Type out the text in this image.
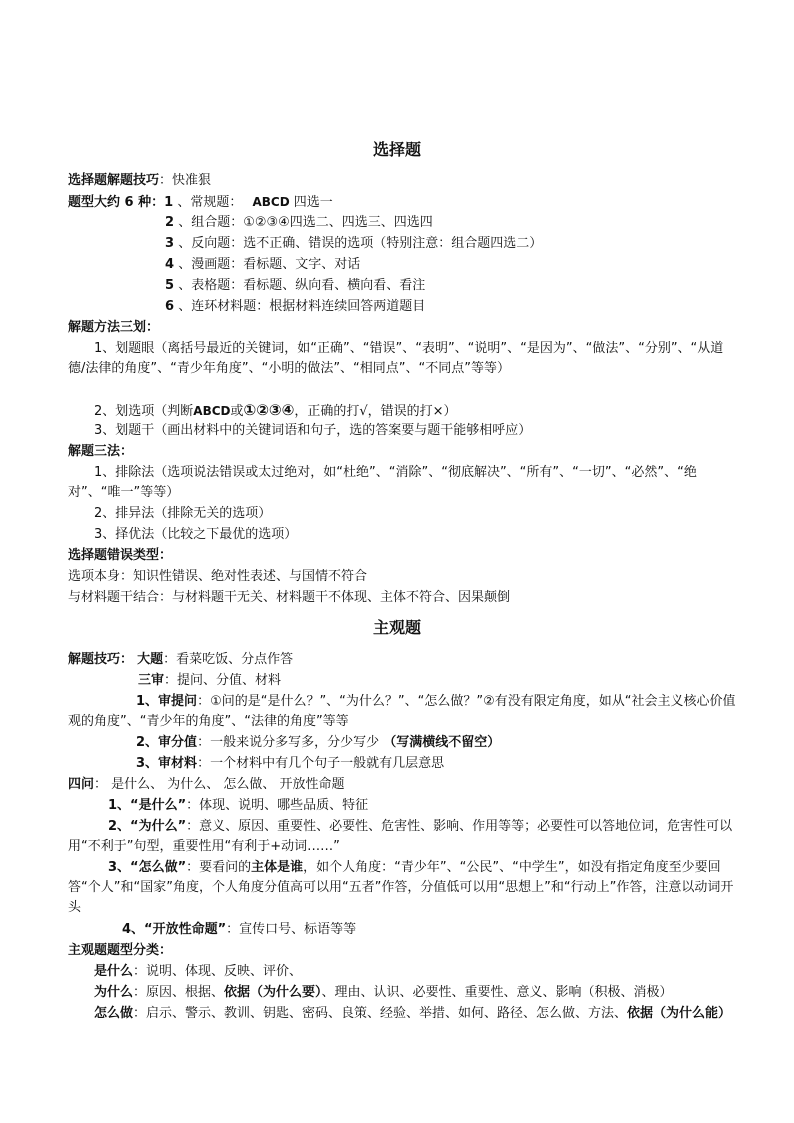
选择题
选择题解题技巧：快准狠
题型大约 6 种：1 、常规题： ABCD 四选一
2 、组合题：①②③④四选二、四选三、四选四
3 、反向题：选不正确、错误的选项（特别注意：组合题四选二）
4 、漫画题：看标题、文字、对话
5 、表格题：看标题、纵向看、横向看、看注
6 、连环材料题：根据材料连续回答两道题目
解题方法三划：
1、划题眼（离括号最近的关键词，如“正确”、“错误”、“表明”、“说明”、“是因为”、“做法”、“分别”、“从道德/法律的角度”、“青少年角度”、“小明的做法”、“相同点”、“不同点”等等）
2、划选项（判断ABCD或①②③④，正确的打√，错误的打×）
3、划题干（画出材料中的关键词语和句子，选的答案要与题干能够相呼应）
解题三法：
1、排除法（选项说法错误或太过绝对，如“杜绝”、“消除”、“彻底解决”、“所有”、“一切”、“必然”、“绝对”、“唯一”等等）
2、排异法（排除无关的选项）
3、择优法（比较之下最优的选项）
选择题错误类型：
选项本身：知识性错误、绝对性表述、与国情不符合
与材料题干结合：与材料题干无关、材料题干不体现、主体不符合、因果颠倒
主观题
解题技巧： 大题：看菜吃饭、分点作答
三审：提问、分值、材料
1、审提问：①问的是“是什么？”、“为什么？”、“怎么做？”②有没有限定角度，如从“社会主义核心价值观的角度”、“青少年的角度”、“法律的角度”等等
2、审分值：一般来说分多写多，分少写少 （写满横线不留空）
3、审材料：一个材料中有几个句子一般就有几层意思
四问： 是什么、 为什么、 怎么做、 开放性命题
1、“是什么”：体现、说明、哪些品质、特征
2、“为什么”：意义、原因、重要性、必要性、危害性、影响、作用等等；必要性可以答地位词，危害性可以用“不利于”句型，重要性用“有利于+动词……”
3、“怎么做”：要看问的主体是谁，如个人角度：“青少年”、“公民”、“中学生”，如没有指定角度至少要回答“个人”和“国家”角度，个人角度分值高可以用“五者”作答，分值低可以用“思想上”和“行动上”作答，注意以动词开头
4、“开放性命题”：宣传口号、标语等等
主观题题型分类：
是什么：说明、体现、反映、评价、
为什么：原因、根据、依据（为什么要）、理由、认识、必要性、重要性、意义、影响（积极、消极）
怎么做：启示、警示、教训、钥匙、密码、良策、经验、举措、如何、路径、怎么做、方法、依据（为什么能）
